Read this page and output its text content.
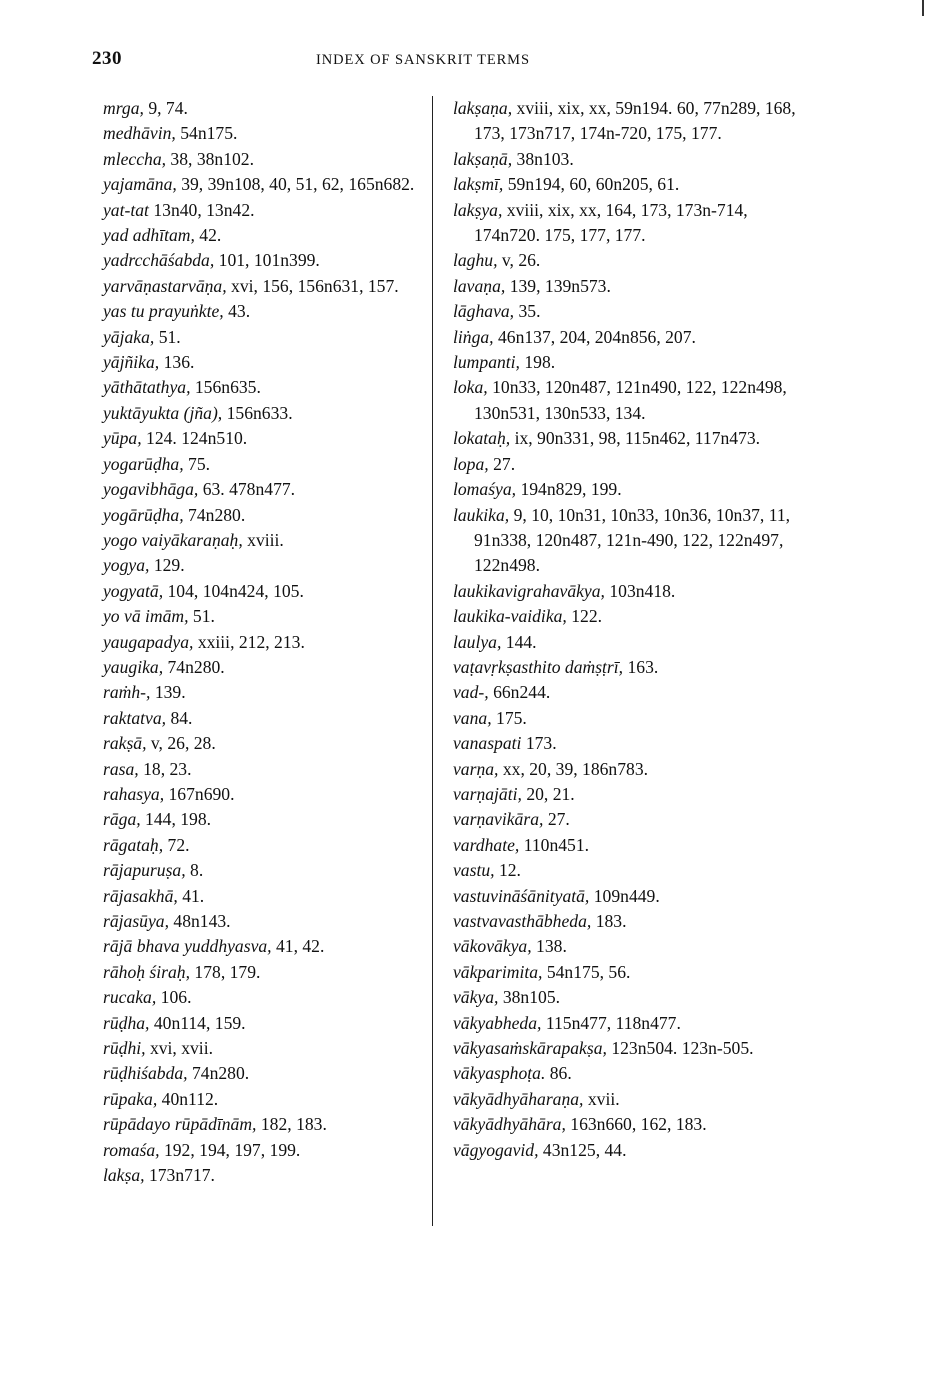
230	INDEX OF SANSKRIT TERMS
mrga, 9, 74.
medhāvin, 54n175.
mleccha, 38, 38n102.
yajamāna, 39, 39n108, 40, 51, 62, 165n682.
yat-tat 13n40, 13n42.
yad adhītam, 42.
yadrcchāśabda, 101, 101n399.
yarvāṇastarvāṇa, xvi, 156, 156n631, 157.
yas tu prayuṅkte, 43.
yājaka, 51.
yājñika, 136.
yāthātathya, 156n635.
yuktāyukta (jña), 156n633.
yūpa, 124. 124n510.
yogarūḍha, 75.
yogavibhāga, 63. 478n477.
yogārūḍha, 74n280.
yogo vaiyākaraṇaḥ, xviii.
yogya, 129.
yogyatā, 104, 104n424, 105.
yo vā imām, 51.
yaugapadya, xxiii, 212, 213.
yaugika, 74n280.
raṁh-, 139.
raktatva, 84.
rakṣā, v, 26, 28.
rasa, 18, 23.
rahasya, 167n690.
rāga, 144, 198.
rāgataḥ, 72.
rājapuruṣa, 8.
rājasakhā, 41.
rājasūya, 48n143.
rājā bhava yuddhyasva, 41, 42.
rāhoḥ śiraḥ, 178, 179.
rucaka, 106.
rūḍha, 40n114, 159.
rūḍhi, xvi, xvii.
rūḍhiśabda, 74n280.
rūpaka, 40n112.
rūpādayo rūpādīnām, 182, 183.
romaśa, 192, 194, 197, 199.
lakṣa, 173n717.
lakṣaṇa, xviii, xix, xx, 59n194. 60, 77n289, 168, 173, 173n717, 174n-720, 175, 177.
lakṣaṇā, 38n103.
lakṣmī, 59n194, 60, 60n205, 61.
lakṣya, xviii, xix, xx, 164, 173, 173n-714, 174n720. 175, 177, 177.
laghu, v, 26.
lavaṇa, 139, 139n573.
lāghava, 35.
liṅga, 46n137, 204, 204n856, 207.
lumpanti, 198.
loka, 10n33, 120n487, 121n490, 122, 122n498, 130n531, 130n533, 134.
lokataḥ, ix, 90n331, 98, 115n462, 117n473.
lopa, 27.
lomaśya, 194n829, 199.
laukika, 9, 10, 10n31, 10n33, 10n36, 10n37, 11, 91n338, 120n487, 121n-490, 122, 122n497, 122n498.
laukikavigrahavākya, 103n418.
laukika-vaidika, 122.
laulya, 144.
vaṭavṛkṣasthito daṁṣṭrī, 163.
vad-, 66n244.
vana, 175.
vanaspati 173.
varṇa, xx, 20, 39, 186n783.
varṇajāti, 20, 21.
varṇavikāra, 27.
vardhate, 110n451.
vastu, 12.
vastuvināśānityatā, 109n449.
vastvavasthābheda, 183.
vākovākya, 138.
vākparimita, 54n175, 56.
vākya, 38n105.
vākyabheda, 115n477, 118n477.
vākyasaṁskārapakṣa, 123n504. 123n-505.
vākyasphoṭa. 86.
vākyādhyāharaṇa, xvii.
vākyādhyāhāra, 163n660, 162, 183.
vāgyogavid, 43n125, 44.
